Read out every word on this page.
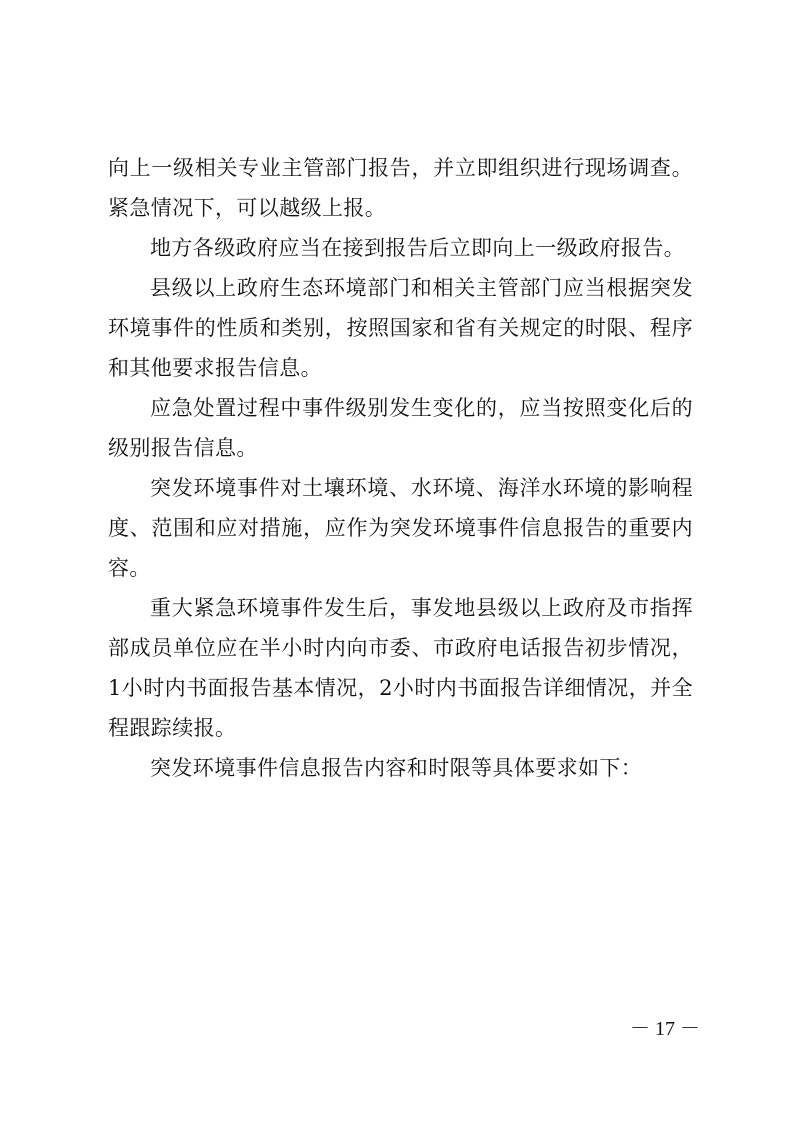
向上一级相关专业主管部门报告，并立即组织进行现场调查。紧急情况下，可以越级上报。

地方各级政府应当在接到报告后立即向上一级政府报告。

县级以上政府生态环境部门和相关主管部门应当根据突发环境事件的性质和类别，按照国家和省有关规定的时限、程序和其他要求报告信息。

应急处置过程中事件级别发生变化的，应当按照变化后的级别报告信息。

突发环境事件对土壤环境、水环境、海洋水环境的影响程度、范围和应对措施，应作为突发环境事件信息报告的重要内容。

重大紧急环境事件发生后，事发地县级以上政府及市指挥部成员单位应在半小时内向市委、市政府电话报告初步情况，1小时内书面报告基本情况，2小时内书面报告详细情况，并全程跟踪续报。

突发环境事件信息报告内容和时限等具体要求如下：

－ 17 －
